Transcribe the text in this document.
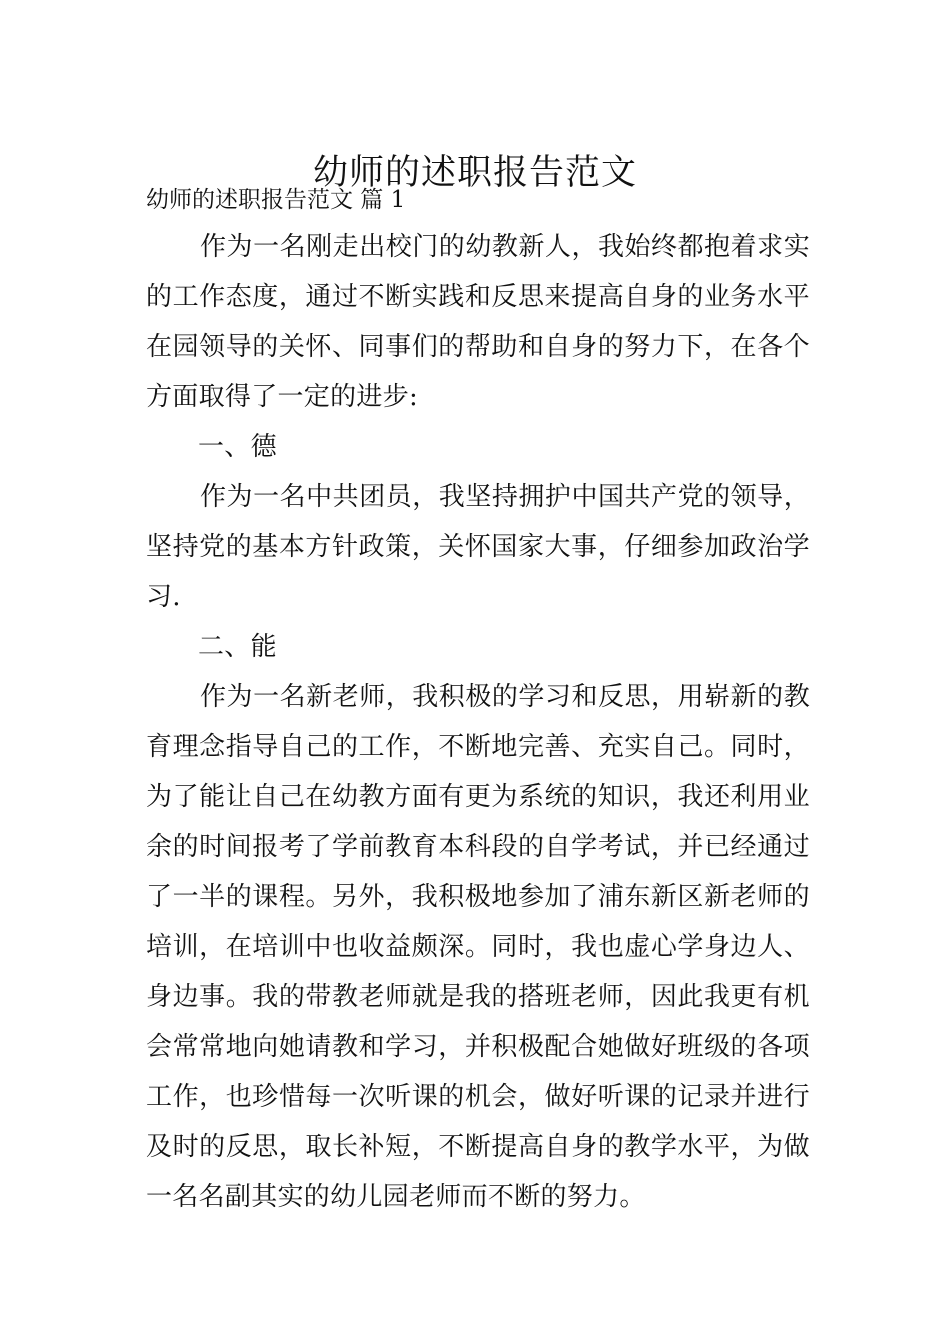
幼师的述职报告范文
幼师的述职报告范文 篇 1

作为一名刚走出校门的幼教新人，我始终都抱着求实的工作态度，通过不断实践和反思来提高自身的业务水平在园领导的关怀、同事们的帮助和自身的努力下，在各个方面取得了一定的进步:

一、德

作为一名中共团员，我坚持拥护中国共产党的领导，坚持党的基本方针政策，关怀国家大事，仔细参加政治学习.

二、能

作为一名新老师，我积极的学习和反思，用崭新的教育理念指导自己的工作，不断地完善、充实自己。同时，为了能让自己在幼教方面有更为系统的知识，我还利用业余的时间报考了学前教育本科段的自学考试，并已经通过了一半的课程。另外，我积极地参加了浦东新区新老师的培训，在培训中也收益颇深。同时，我也虚心学身边人、身边事。我的带教老师就是我的搭班老师，因此我更有机会常常地向她请教和学习，并积极配合她做好班级的各项工作，也珍惜每一次听课的机会，做好听课的记录并进行及时的反思，取长补短，不断提高自身的教学水平，为做一名名副其实的幼儿园老师而不断的努力。
